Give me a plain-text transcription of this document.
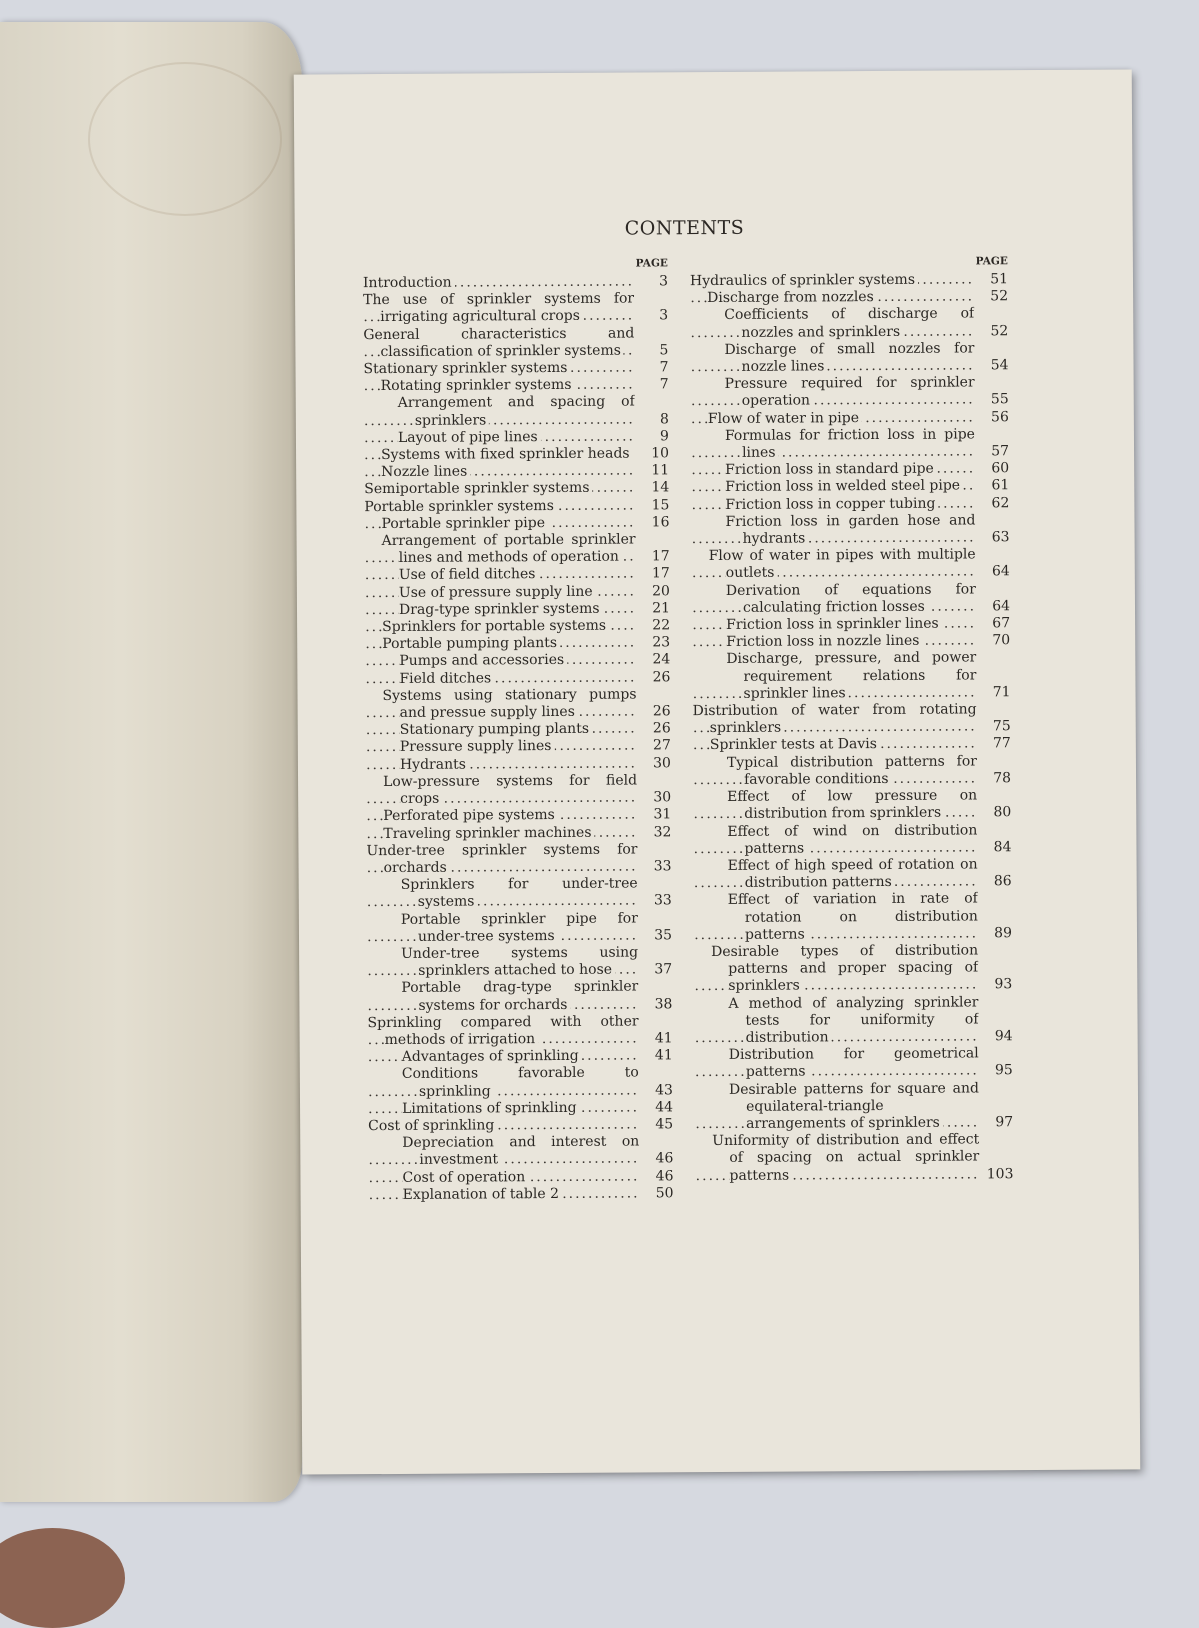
CONTENTS
PAGE
Introduction .....	3
The use of sprinkler systems for irrigating agricultural crops .....	3
General characteristics and classification of sprinkler systems .....	5
Stationary sprinkler systems .....	7
Rotating sprinkler systems .....	7
Arrangement and spacing of sprinklers .....	8
Layout of pipe lines .....	9
Systems with fixed sprinkler heads .....	10
Nozzle lines .....	11
Semiportable sprinkler systems .....	14
Portable sprinkler systems .....	15
Portable sprinkler pipe .....	16
Arrangement of portable sprinkler lines and methods of operation .....	17
Use of field ditches .....	17
Use of pressure supply line .....	20
Drag-type sprinkler systems .....	21
Sprinklers for portable systems .....	22
Portable pumping plants .....	23
Pumps and accessories .....	24
Field ditches .....	26
Systems using stationary pumps and pressue supply lines .....	26
Stationary pumping plants .....	26
Pressure supply lines .....	27
Hydrants .....	30
Low-pressure systems for field crops .....	30
Perforated pipe systems .....	31
Traveling sprinkler machines .....	32
Under-tree sprinkler systems for orchards .....	33
Sprinklers for under-tree systems .....	33
Portable sprinkler pipe for under-tree systems .....	35
Under-tree systems using sprinklers attached to hose .....	37
Portable drag-type sprinkler systems for orchards .....	38
Sprinkling compared with other methods of irrigation .....	41
Advantages of sprinkling .....	41
Conditions favorable to sprinkling .....	43
Limitations of sprinkling .....	44
Cost of sprinkling .....	45
Depreciation and interest on investment .....	46
Cost of operation .....	46
Explanation of table 2 .....	50
PAGE
Hydraulics of sprinkler systems .....	51
Discharge from nozzles .....	52
Coefficients of discharge of nozzles and sprinklers .....	52
Discharge of small nozzles for nozzle lines .....	54
Pressure required for sprinkler operation .....	55
Flow of water in pipe .....	56
Formulas for friction loss in pipe lines .....	57
Friction loss in standard pipe .....	60
Friction loss in welded steel pipe .....	61
Friction loss in copper tubing .....	62
Friction loss in garden hose and hydrants .....	63
Flow of water in pipes with multiple outlets .....	64
Derivation of equations for calculating friction losses .....	64
Friction loss in sprinkler lines .....	67
Friction loss in nozzle lines .....	70
Discharge, pressure, and power requirement relations for sprinkler lines .....	71
Distribution of water from rotating sprinklers .....	75
Sprinkler tests at Davis .....	77
Typical distribution patterns for favorable conditions .....	78
Effect of low pressure on distribution from sprinklers .....	80
Effect of wind on distribution patterns .....	84
Effect of high speed of rotation on distribution patterns .....	86
Effect of variation in rate of rotation on distribution patterns .....	89
Desirable types of distribution patterns and proper spacing of sprinklers .....	93
A method of analyzing sprinkler tests for uniformity of distribution .....	94
Distribution for geometrical patterns .....	95
Desirable patterns for square and equilateral-triangle arrangements of sprinklers .....	97
Uniformity of distribution and effect of spacing on actual sprinkler patterns .....	103
